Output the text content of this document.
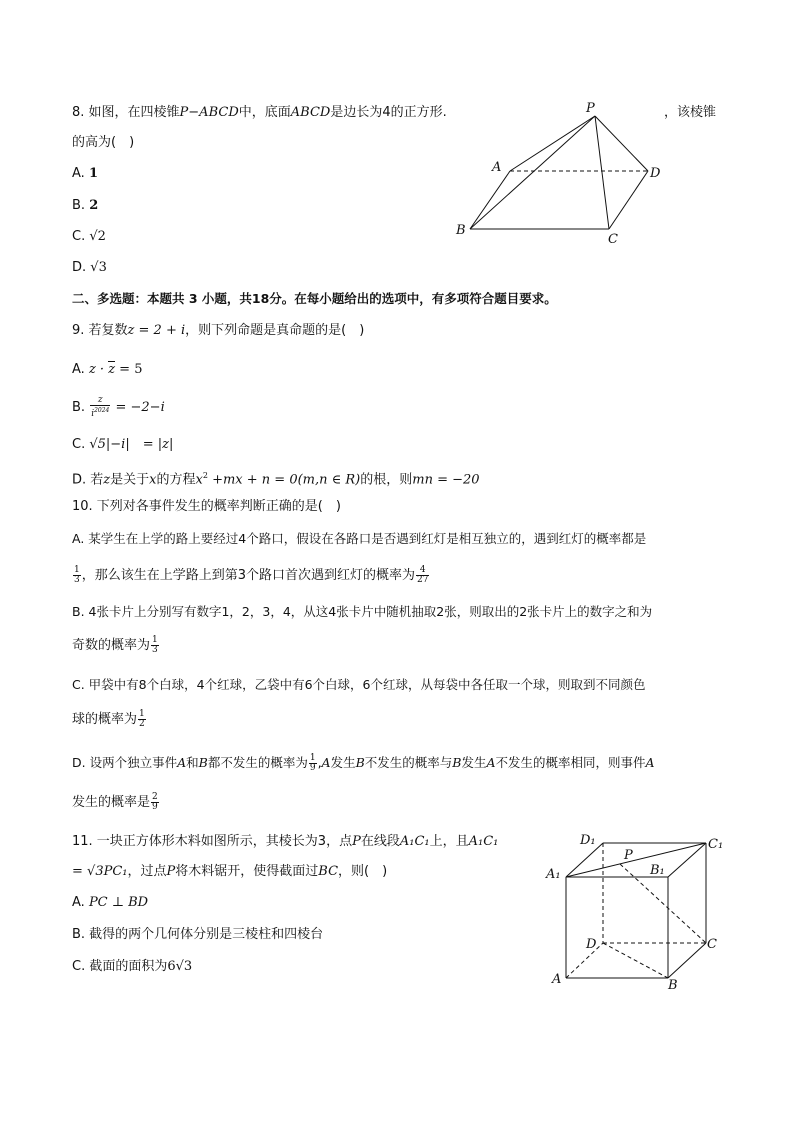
8. 如图，在四棱锥P−ABCD中，底面ABCD是边长为4的正方形.	，该棱锥
的高为(　)
A. 1
B. 2
C. √2
D. √3
P
A	D
B
C
二、多选题：本题共 3 小题，共18分。在每小题给出的选项中，有多项符合题目要求。
9. 若复数z = 2 + i，则下列命题是真命题的是(　)
A. z · z = 5
B. $\frac{z}{i^{2024}} = -2-i$
C. √5|−i|　= |z|
D. 若z是关于x的方程$x^2 +mx + n = 0(m,n$ ∈ R)的根，则mn = −20
10. 下列对各事件发生的概率判断正确的是(　)
A. 某学生在上学的路上要经过4个路口，假设在各路口是否遇到红灯是相互独立的，遇到红灯的概率都是
$\frac{1}{3}$ ，那么该生在上学路上到第3个路口首次遇到红灯的概率为 $\frac{4}{27}$
B. 4张卡片上分别写有数字1，2，3，4，从这4张卡片中随机抽取2张，则取出的2张卡片上的数字之和为
奇数的概率为 $\frac{1}{3}$
C. 甲袋中有8个白球，4个红球，乙袋中有6个白球，6个红球，从每袋中各任取一个球，则取到不同颜色
球的概率为 $\frac{1}{2}$
D. 设两个独立事件A和B都不发生的概率为 $\frac{1}{9} ,A$发生B不发生的概率与B发生A不发生的概率相同，则事件A
发生的概率是 $\frac{2}{9}$
11. 一块正方体形木料如图所示，其棱长为3，点P在线段A₁C₁上，且A₁C₁
= √3PC₁，过点P将木料锯开，使得截面过BC，则(　)
A. PC ⊥ BD
B. 截得的两个几何体分别是三棱柱和四棱台
C. 截面的面积为6√3
D₁	C₁
P
B₁
A₁
D	C
A	B
